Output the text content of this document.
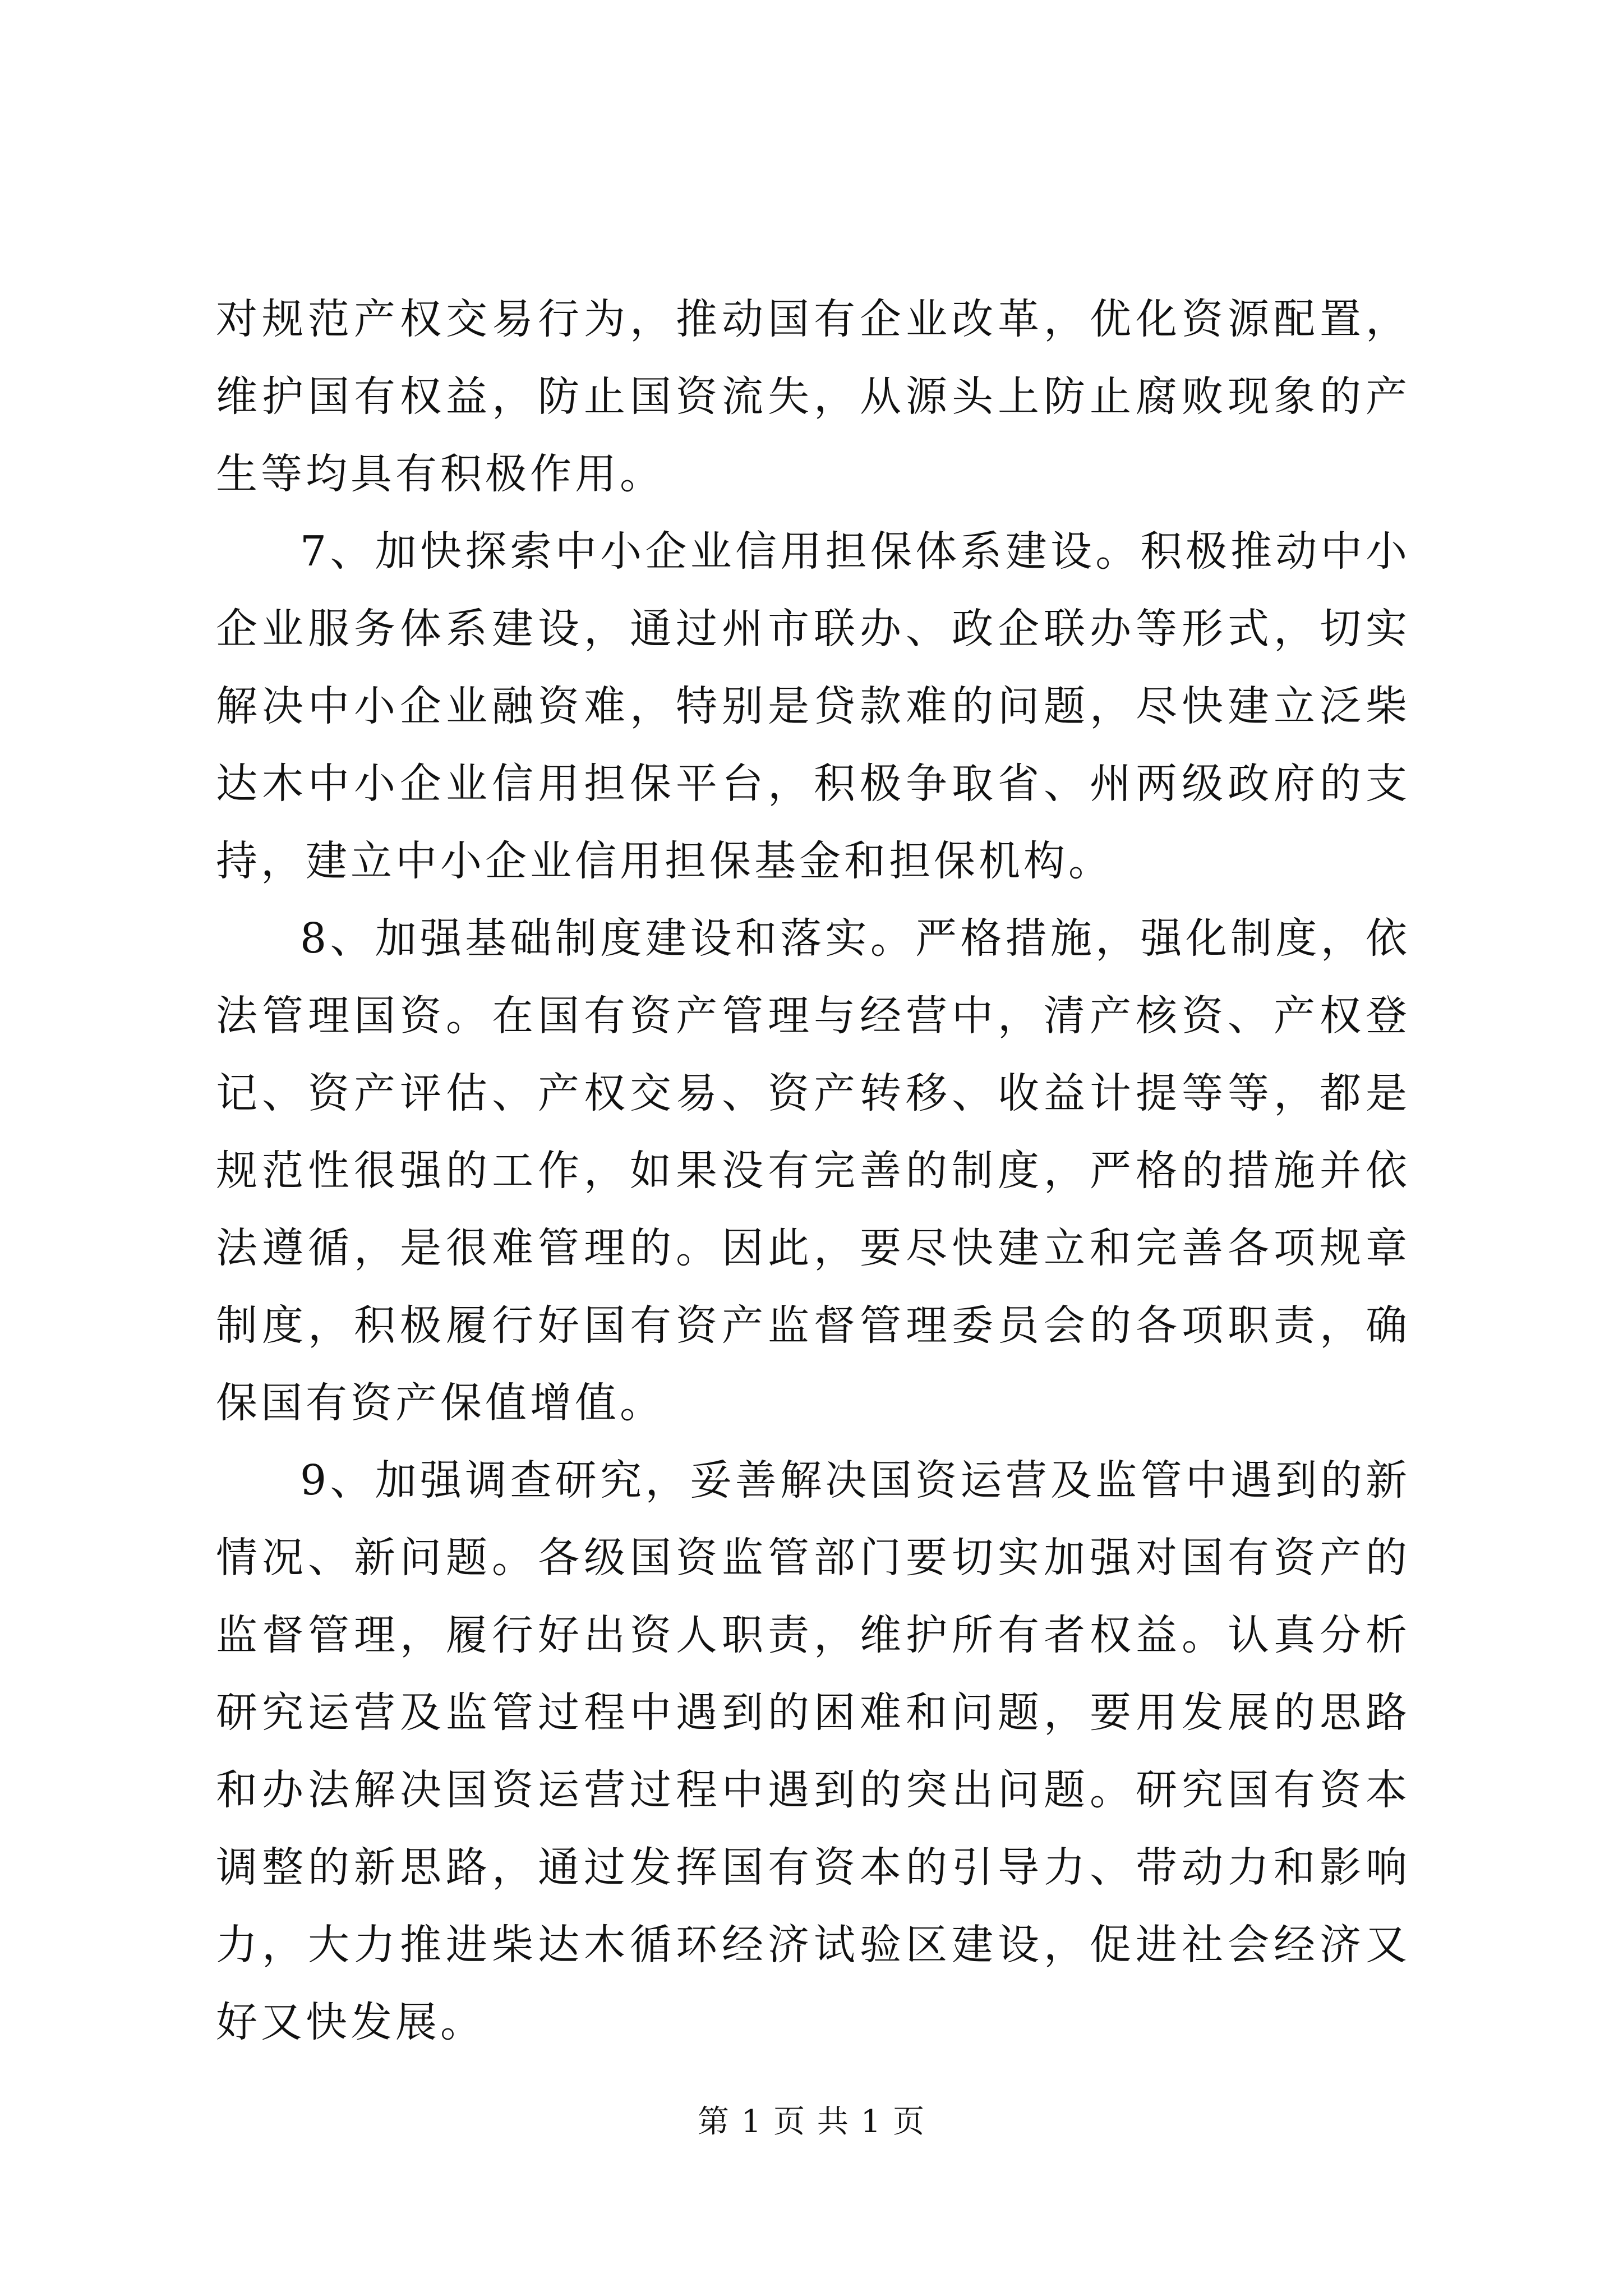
对规范产权交易行为，推动国有企业改革，优化资源配置，维护国有权益，防止国资流失，从源头上防止腐败现象的产生等均具有积极作用。

7、加快探索中小企业信用担保体系建设。积极推动中小企业服务体系建设，通过州市联办、政企联办等形式，切实解决中小企业融资难，特别是贷款难的问题，尽快建立泛柴达木中小企业信用担保平台，积极争取省、州两级政府的支持，建立中小企业信用担保基金和担保机构。

8、加强基础制度建设和落实。严格措施，强化制度，依法管理国资。在国有资产管理与经营中，清产核资、产权登记、资产评估、产权交易、资产转移、收益计提等等，都是规范性很强的工作，如果没有完善的制度，严格的措施并依法遵循，是很难管理的。因此，要尽快建立和完善各项规章制度，积极履行好国有资产监督管理委员会的各项职责，确保国有资产保值增值。

9、加强调查研究，妥善解决国资运营及监管中遇到的新情况、新问题。各级国资监管部门要切实加强对国有资产的监督管理，履行好出资人职责，维护所有者权益。认真分析研究运营及监管过程中遇到的困难和问题，要用发展的思路和办法解决国资运营过程中遇到的突出问题。研究国有资本调整的新思路，通过发挥国有资本的引导力、带动力和影响力，大力推进柴达木循环经济试验区建设，促进社会经济又好又快发展。

第 1 页 共 1 页
